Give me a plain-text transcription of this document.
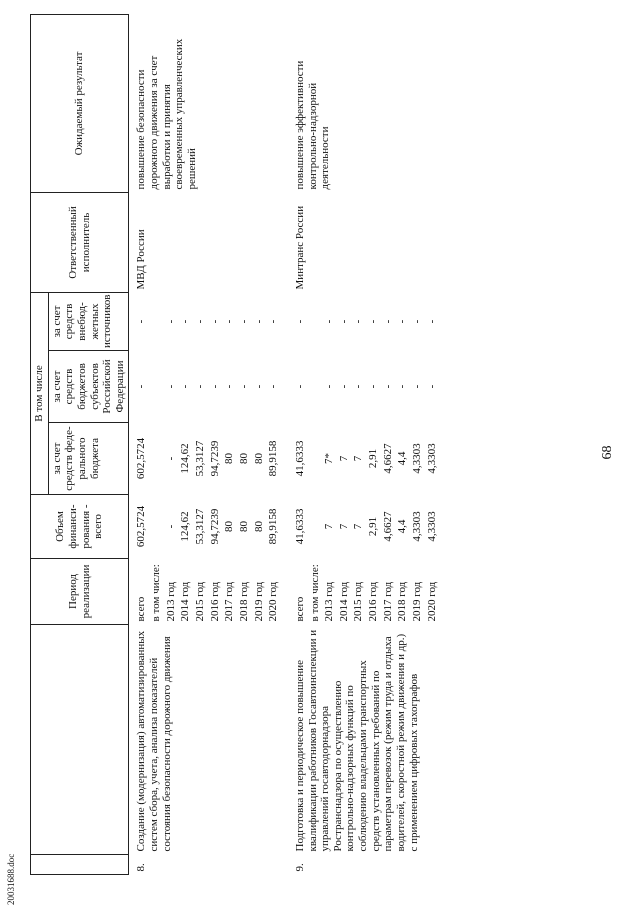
20031688.doc
		Период реализации	Объем финанси-рования - всего	В том числе			Ответственный исполнитель	Ожидаемый результат
				за счет средств феде-рального бюджета	за счет средств бюджетов субъектов Российской Федерации	за счет средств внебюд-жетных источников		
8.	Создание (модернизация) автоматизированных систем сбора, учета, анализа показателей состояния безопасности дорожного движения	всего	602,5724	602,5724	-	-	МВД России	повышение безопасности дорожного движения за счет выработки и принятия своевременных управленческих решений
		в том числе:						
		2013 год	-	-	-	-		
		2014 год	124,62	124,62	-	-		
		2015 год	53,3127	53,3127	-	-		
		2016 год	94,7239	94,7239	-	-		
		2017 год	80	80	-	-		
		2018 год	80	80	-	-		
		2019 год	80	80	-	-		
		2020 год	89,9158	89,9158	-	-		

9.	Подготовка и периодическое повышение квалификации работников Госавтоинспекции и управлений госавтодорнадзора Ространснадзора по осуществлению контрольно-надзорных функций по соблюдению владельцами транспортных средств установленных требований по параметрам перевозок (режим труда и отдыха водителей, скоростной режим движения и др.) с применением цифровых тахографов	всего	41,6333	41,6333	-	-	Минтранс России	повышение эффективности контрольно-надзорной деятельности
		в том числе:						
		2013 год	7	7*	-	-		
		2014 год	7	7	-	-		
		2015 год	7	7	-	-		
		2016 год	2,91	2,91	-	-		
		2017 год	4,6627	4,6627	-	-		
		2018 год	4,4	4,4	-	-		
		2019 год	4,3303	4,3303	-	-		
		2020 год	4,3303	4,3303	-	-		
68
